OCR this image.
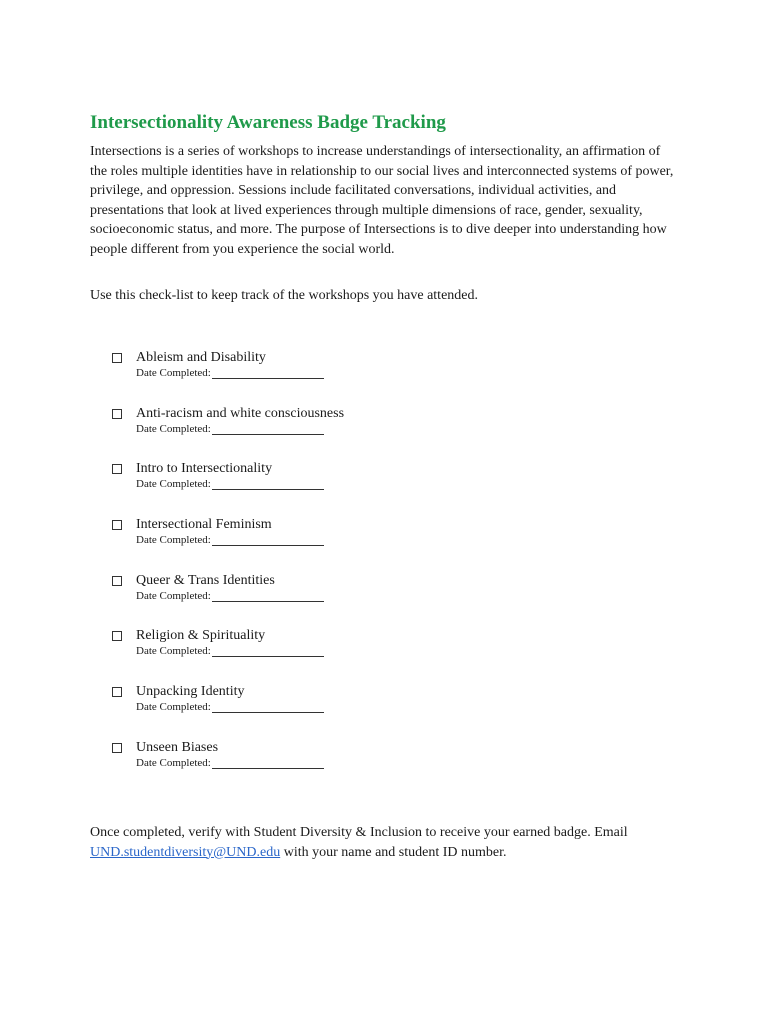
Intersectionality Awareness Badge Tracking

Intersections is a series of workshops to increase understandings of intersectionality, an affirmation of the roles multiple identities have in relationship to our social lives and interconnected systems of power, privilege, and oppression. Sessions include facilitated conversations, individual activities, and presentations that look at lived experiences through multiple dimensions of race, gender, sexuality, socioeconomic status, and more. The purpose of Intersections is to dive deeper into understanding how people different from you experience the social world.

Use this check-list to keep track of the workshops you have attended.

Ableism and Disability
Date Completed:
Anti-racism and white consciousness
Date Completed:
Intro to Intersectionality
Date Completed:
Intersectional Feminism
Date Completed:
Queer & Trans Identities
Date Completed:
Religion & Spirituality
Date Completed:
Unpacking Identity
Date Completed:
Unseen Biases
Date Completed:

Once completed, verify with Student Diversity & Inclusion to receive your earned badge. Email UND.studentdiversity@UND.edu with your name and student ID number.
